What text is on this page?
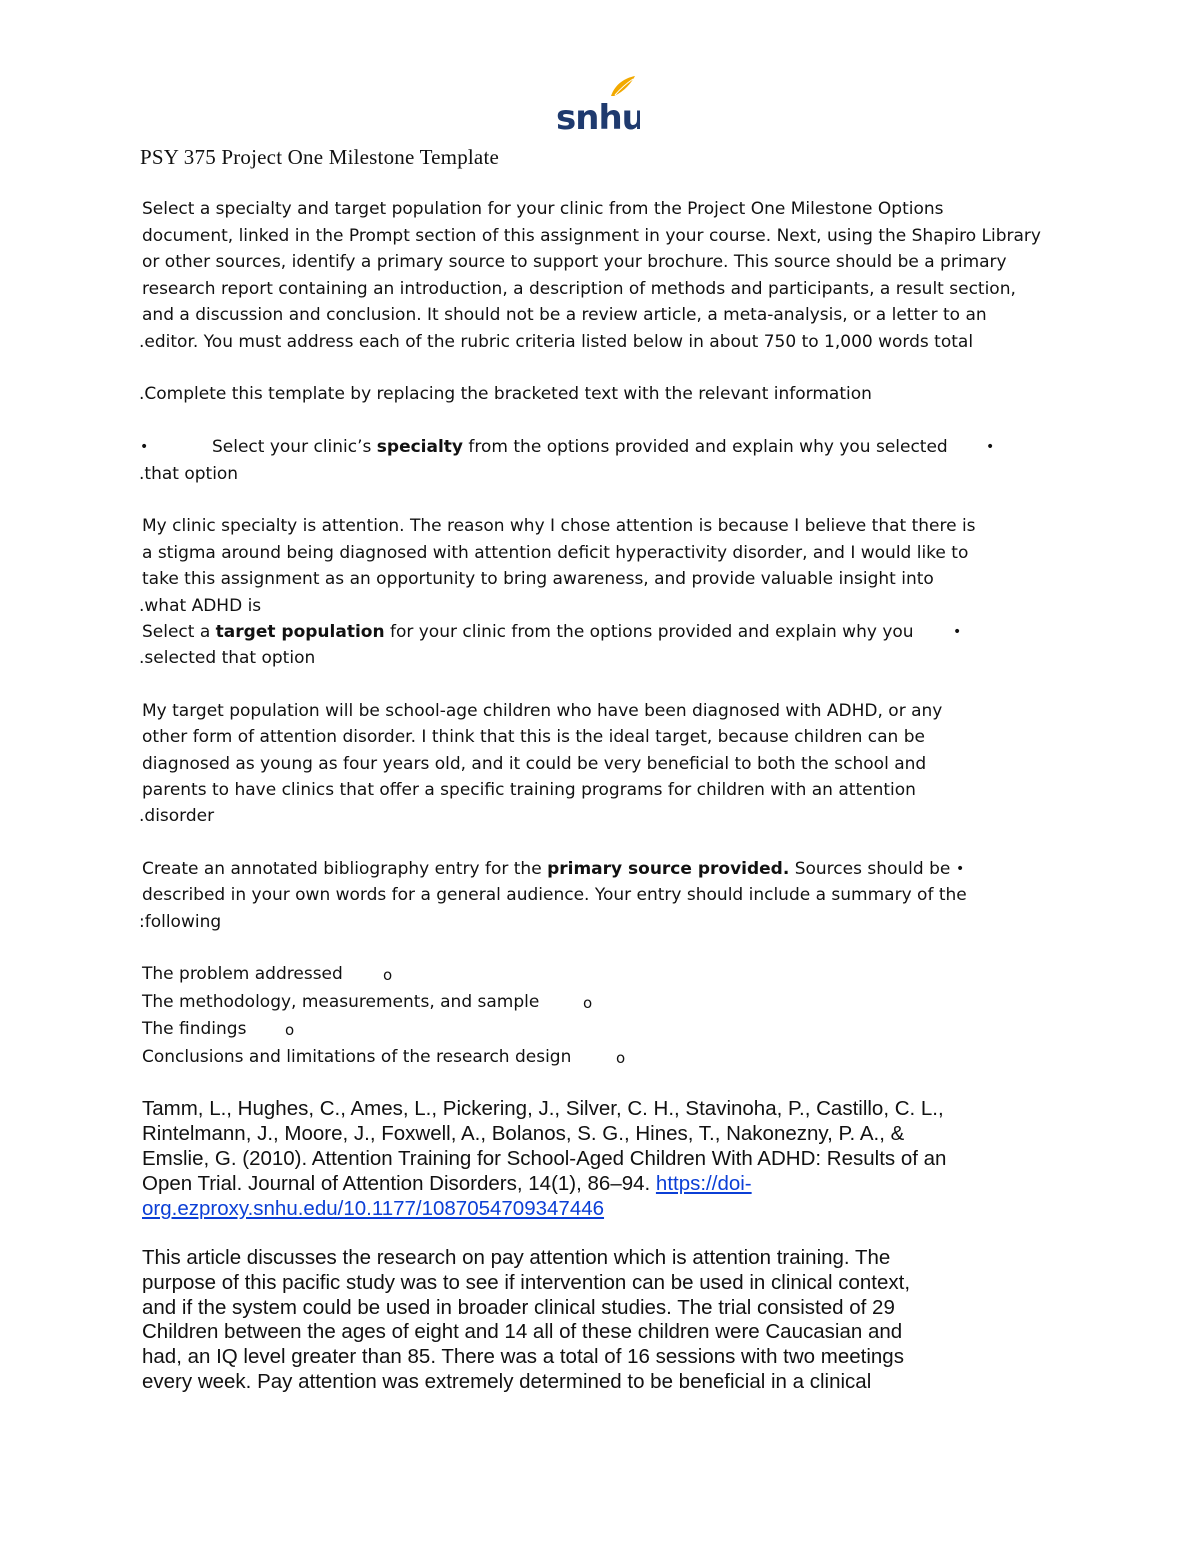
snhu
PSY 375 Project One Milestone Template
Select a specialty and target population for your clinic from the Project One Milestone Options
document, linked in the Prompt section of this assignment in your course. Next, using the Shapiro Library
or other sources, identify a primary source to support your brochure. This source should be a primary
research report containing an introduction, a description of methods and participants, a result section,
and a discussion and conclusion. It should not be a review article, a meta-analysis, or a letter to an
.editor. You must address each of the rubric criteria listed below in about 750 to 1,000 words total
.Complete this template by replacing the bracketed text with the relevant information
•	Select your clinic’s specialty from the options provided and explain why you selected	•
.that option
My clinic specialty is attention. The reason why I chose attention is because I believe that there is
a stigma around being diagnosed with attention deficit hyperactivity disorder, and I would like to
take this assignment as an opportunity to bring awareness, and provide valuable insight into
.what ADHD is
Select a target population for your clinic from the options provided and explain why you	•
.selected that option
My target population will be school-age children who have been diagnosed with ADHD, or any
other form of attention disorder. I think that this is the ideal target, because children can be
diagnosed as young as four years old, and it could be very beneficial to both the school and
parents to have clinics that offer a specific training programs for children with an attention
.disorder
Create an annotated bibliography entry for the primary source provided. Sources should be •
described in your own words for a general audience. Your entry should include a summary of the
:following
The problem addressed	o
The methodology, measurements, and sample	o
The findings	o
Conclusions and limitations of the research design	o
Tamm, L., Hughes, C., Ames, L., Pickering, J., Silver, C. H., Stavinoha, P., Castillo, C. L.,
Rintelmann, J., Moore, J., Foxwell, A., Bolanos, S. G., Hines, T., Nakonezny, P. A., &
Emslie, G. (2010). Attention Training for School-Aged Children With ADHD: Results of an
Open Trial. Journal of Attention Disorders, 14(1), 86–94. https://doi-
org.ezproxy.snhu.edu/10.1177/1087054709347446
This article discusses the research on pay attention which is attention training. The
purpose of this pacific study was to see if intervention can be used in clinical context,
and if the system could be used in broader clinical studies. The trial consisted of 29
Children between the ages of eight and 14 all of these children were Caucasian and
had, an IQ level greater than 85. There was a total of 16 sessions with two meetings
every week. Pay attention was extremely determined to be beneficial in a clinical
